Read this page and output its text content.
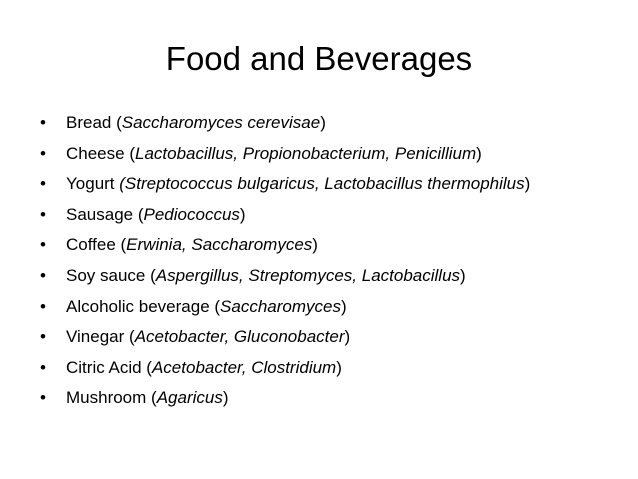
Food and Beverages
•	Bread (Saccharomyces cerevisae)
•	Cheese (Lactobacillus, Propionobacterium, Penicillium)
•	Yogurt (Streptococcus bulgaricus, Lactobacillus thermophilus)
•	Sausage (Pediococcus)
•	Coffee (Erwinia, Saccharomyces)
•	Soy sauce (Aspergillus, Streptomyces, Lactobacillus)
•	Alcoholic beverage (Saccharomyces)
•	Vinegar (Acetobacter, Gluconobacter)
•	Citric Acid (Acetobacter, Clostridium)
•	Mushroom (Agaricus)
